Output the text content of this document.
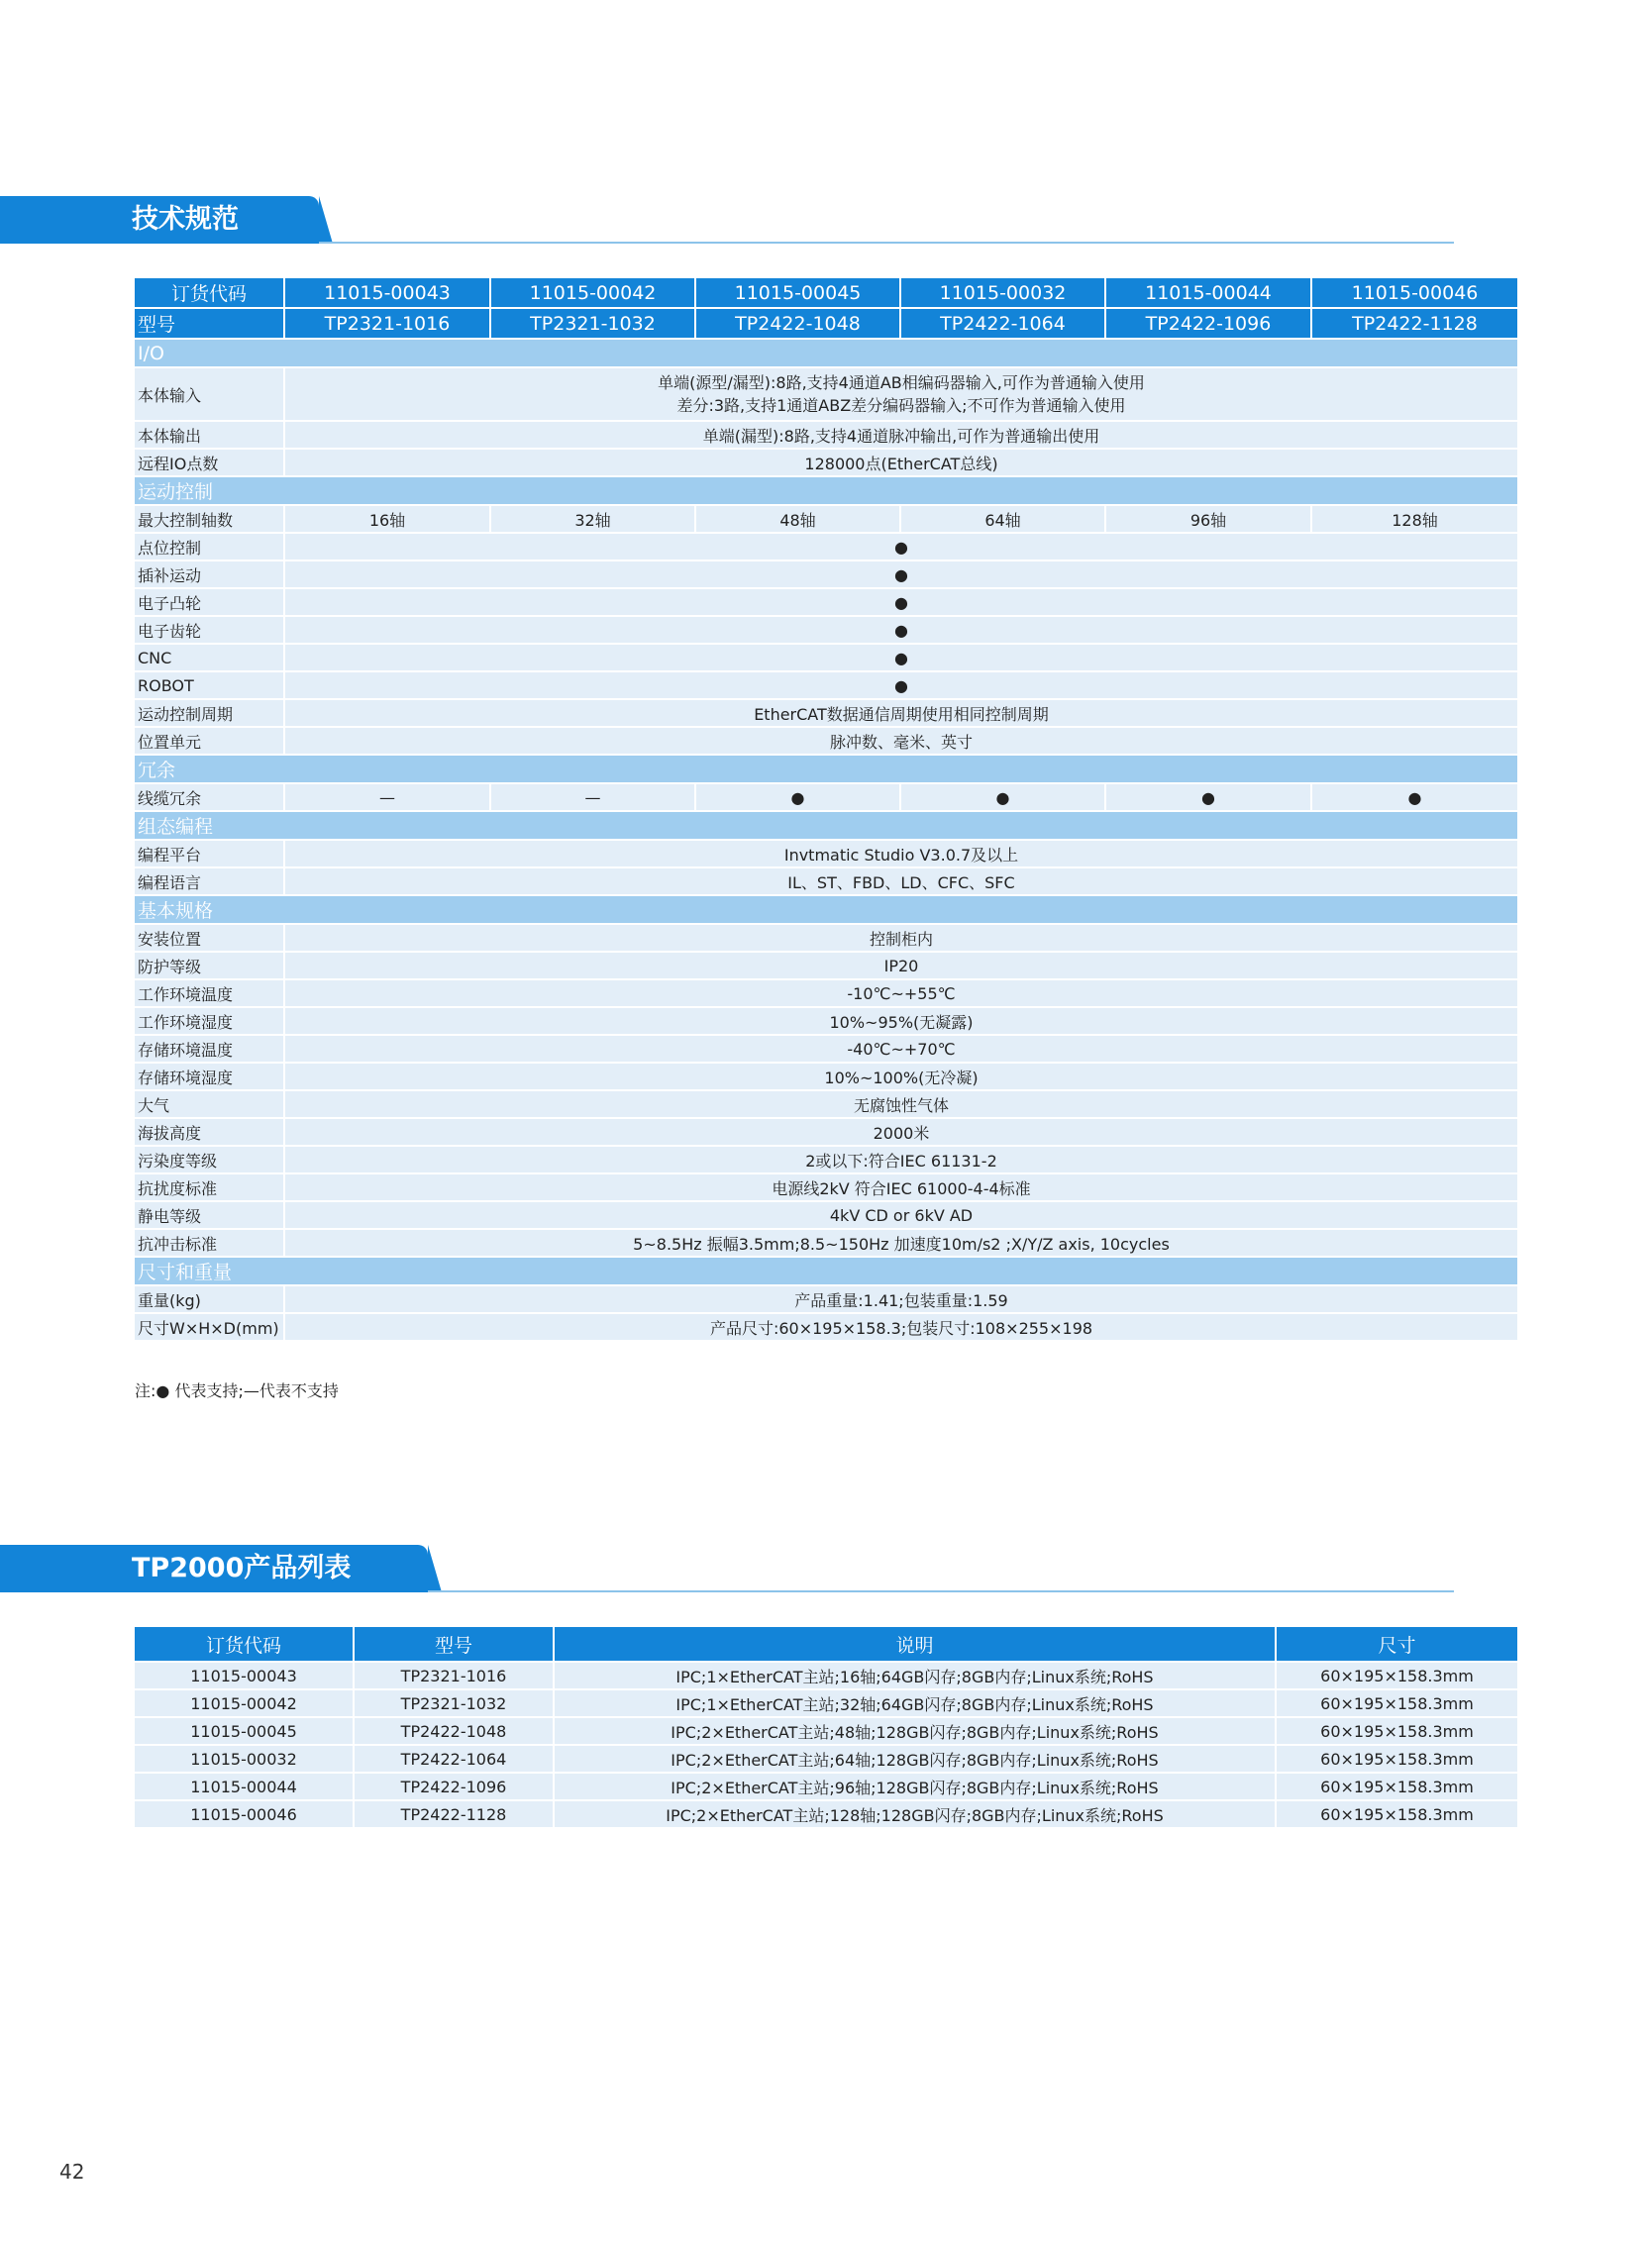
技术规范
订货代码	11015-00043	11015-00042	11015-00045	11015-00032	11015-00044	11015-00046
型号	TP2321-1016	TP2321-1032	TP2422-1048	TP2422-1064	TP2422-1096	TP2422-1128
I/O						
本体输入	单端(源型/漏型):8路,支持4通道AB相编码器输入,可作为普通输入使用
差分:3路,支持1通道ABZ差分编码器输入;不可作为普通输入使用					

本体输出	单端(漏型):8路,支持4通道脉冲输出,可作为普通输出使用					
远程IO点数	128000点(EtherCAT总线)					
运动控制						
最大控制轴数	16轴	32轴	48轴	64轴	96轴	128轴
点位控制	●					
插补运动	●					
电子凸轮	●					
电子齿轮	●					
CNC	●					
ROBOT	●					
运动控制周期	EtherCAT数据通信周期使用相同控制周期					
位置单元	脉冲数、毫米、英寸					
冗余						
线缆冗余	—	—	●	●	●	●
组态编程						
编程平台	Invtmatic Studio V3.0.7及以上					
编程语言	IL、ST、FBD、LD、CFC、SFC					
基本规格						
安装位置	控制柜内					
防护等级	IP20					
工作环境温度	-10℃~+55℃					
工作环境湿度	10%~95%(无凝露)					
存储环境温度	-40℃~+70℃					
存储环境湿度	10%~100%(无冷凝)					
大气	无腐蚀性气体					
海拔高度	2000米					
污染度等级	2或以下:符合IEC 61131-2					
抗扰度标准	电源线2kV 符合IEC 61000-4-4标准					
静电等级	4kV CD or 6kV AD					
抗冲击标准	5~8.5Hz 振幅3.5mm;8.5~150Hz 加速度10m/s2 ;X/Y/Z axis, 10cycles					
尺寸和重量						
重量(kg)	产品重量:1.41;包装重量:1.59					
尺寸W×H×D(mm)	产品尺寸:60×195×158.3;包装尺寸:108×255×198					
注:● 代表支持;—代表不支持
TP2000产品列表
订货代码	型号	说明	尺寸
11015-00043	TP2321-1016	IPC;1×EtherCAT主站;16轴;64GB闪存;8GB内存;Linux系统;RoHS	60×195×158.3mm
11015-00042	TP2321-1032	IPC;1×EtherCAT主站;32轴;64GB闪存;8GB内存;Linux系统;RoHS	60×195×158.3mm
11015-00045	TP2422-1048	IPC;2×EtherCAT主站;48轴;128GB闪存;8GB内存;Linux系统;RoHS	60×195×158.3mm
11015-00032	TP2422-1064	IPC;2×EtherCAT主站;64轴;128GB闪存;8GB内存;Linux系统;RoHS	60×195×158.3mm
11015-00044	TP2422-1096	IPC;2×EtherCAT主站;96轴;128GB闪存;8GB内存;Linux系统;RoHS	60×195×158.3mm
11015-00046	TP2422-1128	IPC;2×EtherCAT主站;128轴;128GB闪存;8GB内存;Linux系统;RoHS	60×195×158.3mm
42
